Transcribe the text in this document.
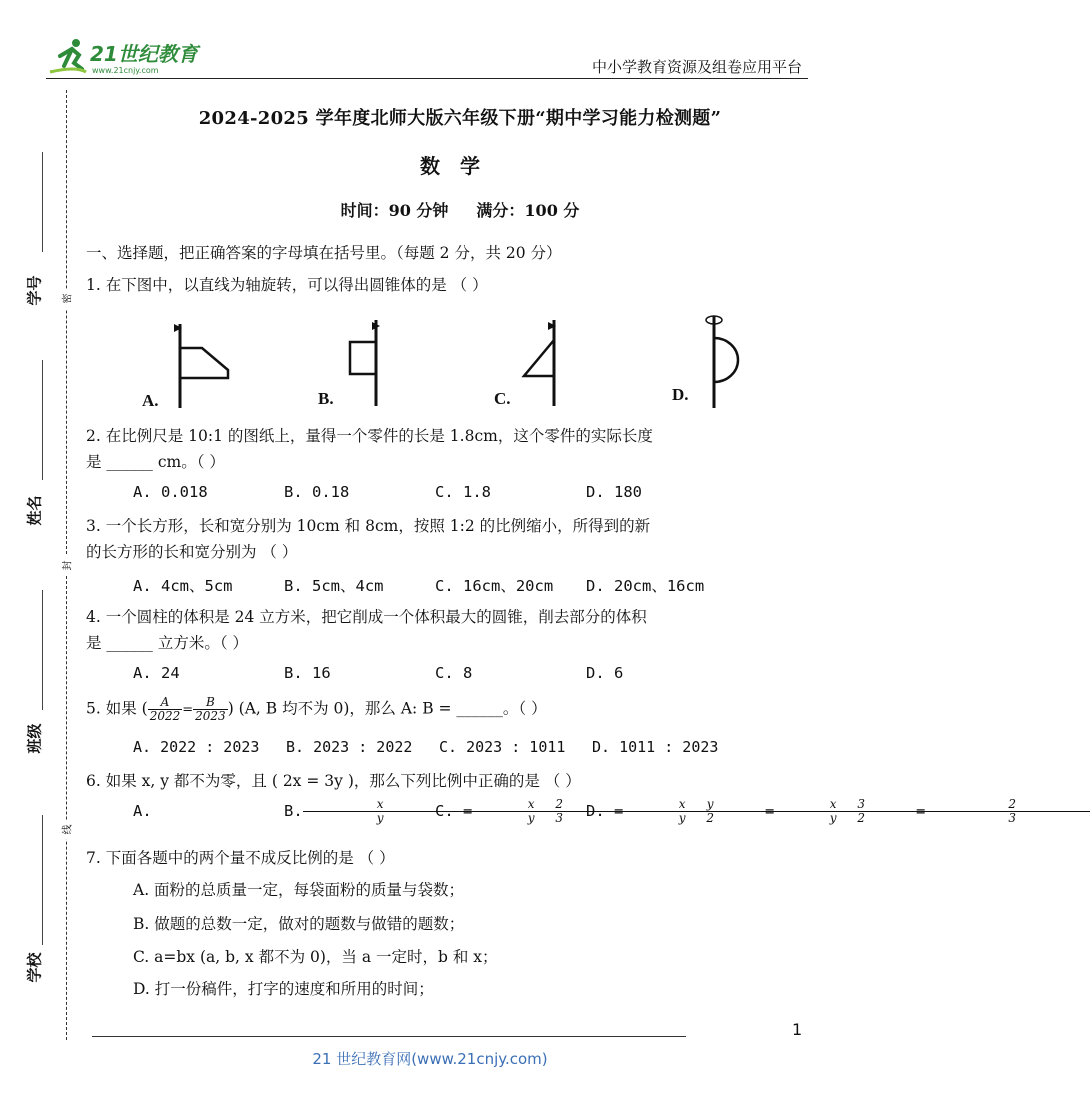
21世纪教育
www.21cnjy.com	中小学教育资源及组卷应用平台
学号
姓名
班级
学校
密
封
线
2024-2025 学年度北师大版六年级下册“期中学习能力检测题”
数学
时间：90 分钟 满分：100 分
一、选择题，把正确答案的字母填在括号里。（每题 2 分，共 20 分）
1. 在下图中，以直线为轴旋转，可以得出圆锥体的是 （ ）
A.	B.	C.	D.
2. 在比例尺是 10:1 的图纸上，量得一个零件的长是 1.8cm，这个零件的实际长度
是 ______ cm。（ ）
A. 0.018	B. 0.18	C. 1.8	D. 180
3. 一个长方形，长和宽分别为 10cm 和 8cm，按照 1:2 的比例缩小，所得到的新
的长方形的长和宽分别为 （ ）
A. 4cm、5cm	B. 5cm、4cm	C. 16cm、20cm D. 20cm、16cm
4. 一个圆柱的体积是 24 立方米，把它削成一个体积最大的圆锥，削去部分的体积
是 ______ 立方米。（ ）
A. 24	B. 16	C. 8	D. 6
5. 如果 ( $\frac{A}{2022} = \frac{B}{2023}$ ) (A, B 均不为 0)，那么 A: B = ______。（ ）
A. 2022 : 2023 B. 2023 : 2022 C. 2023 : 1011 D. 1011 : 2023
6. 如果 x, y 都不为零，且 ( 2x = 3y )，那么下列比例中正确的是 （ ）
A.	$\frac{x}{y} = \frac{2}{3}$
B.	$\frac{x}{y} = \frac{y}{2}$
C.	$\frac{x}{y} = \frac{3}{2}$
D.	$\frac{x}{y} = \frac{2}{3}$
7. 下面各题中的两个量不成反比例的是 （ ）
A. 面粉的总质量一定，每袋面粉的质量与袋数；
B. 做题的总数一定，做对的题数与做错的题数；
C. a=bx (a, b, x 都不为 0)，当 a 一定时，b 和 x；
D. 打一份稿件，打字的速度和所用的时间；
1
21 世纪教育网(www.21cnjy.com)
